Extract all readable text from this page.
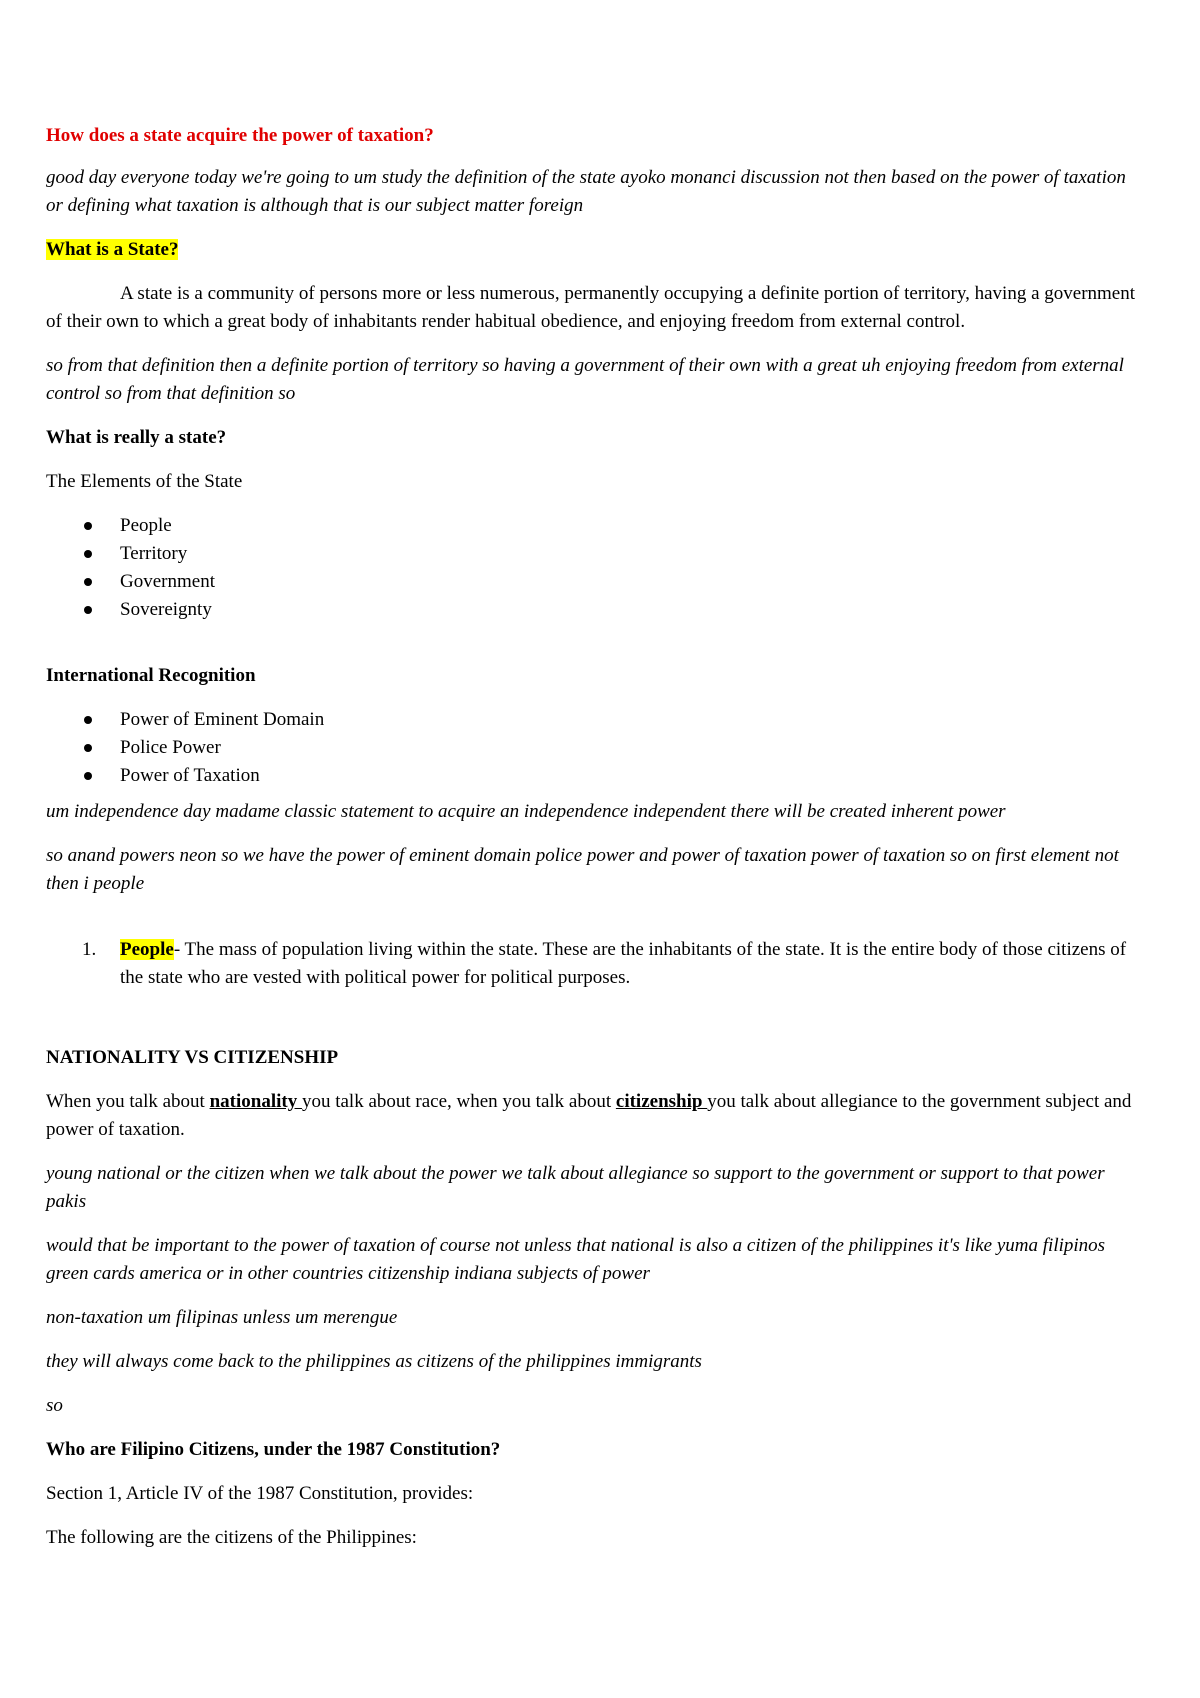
How does a state acquire the power of taxation?

good day everyone today we're going to um study the definition of the state ayoko monanci discussion not then based on the power of taxation or defining what taxation is although that is our subject matter foreign

What is a State?

A state is a community of persons more or less numerous, permanently occupying a definite portion of territory, having a government of their own to which a great body of inhabitants render habitual obedience, and enjoying freedom from external control.

so from that definition then a definite portion of territory so having a government of their own with a great uh enjoying freedom from external control so from that definition so

What is really a state?

The Elements of the State

People
Territory
Government
Sovereignty

International Recognition

Power of Eminent Domain
Police Power
Power of Taxation

um independence day madame classic statement to acquire an independence independent there will be created inherent power

so anand powers neon so we have the power of eminent domain police power and power of taxation power of taxation so on first element not then i people

1. People- The mass of population living within the state. These are the inhabitants of the state. It is the entire body of those citizens of the state who are vested with political power for political purposes.

NATIONALITY VS CITIZENSHIP

When you talk about nationality you talk about race, when you talk about citizenship you talk about allegiance to the government subject and power of taxation.

young national or the citizen when we talk about the power we talk about allegiance so support to the government or support to that power pakis

would that be important to the power of taxation of course not unless that national is also a citizen of the philippines it's like yuma filipinos green cards america or in other countries citizenship indiana subjects of power

non-taxation um filipinas unless um merengue

they will always come back to the philippines as citizens of the philippines immigrants

so

Who are Filipino Citizens, under the 1987 Constitution?

Section 1, Article IV of the 1987 Constitution, provides:

The following are the citizens of the Philippines:
